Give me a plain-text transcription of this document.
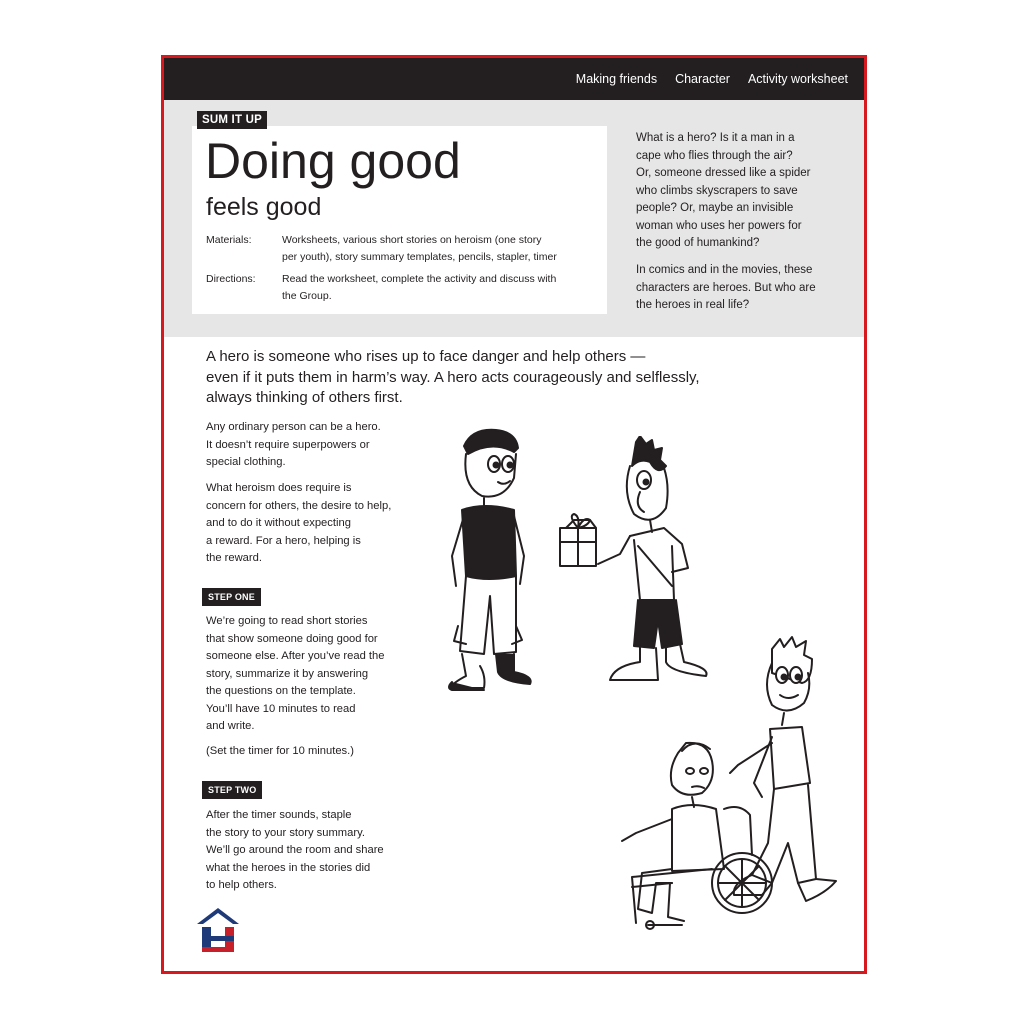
Making friends Character Activity worksheet
SUM IT UP
Doing good
feels good
Materials:	Worksheets, various short stories on heroism (one story
per youth), story summary templates, pencils, stapler, timer
Directions:	Read the worksheet, complete the activity and discuss with
the Group.
What is a hero? Is it a man in a
cape who flies through the air?
Or, someone dressed like a spider
who climbs skyscrapers to save
people? Or, maybe an invisible
woman who uses her powers for
the good of humankind?
In comics and in the movies, these
characters are heroes. But who are
the heroes in real life?
A hero is someone who rises up to face danger and help others —
even if it puts them in harm’s way. A hero acts courageously and selflessly,
always thinking of others first.
Any ordinary person can be a hero.
It doesn’t require superpowers or
special clothing.
What heroism does require is
concern for others, the desire to help,
and to do it without expecting
a reward. For a hero, helping is
the reward.
STEP ONE
We’re going to read short stories
that show someone doing good for
someone else. After you’ve read the
story, summarize it by answering
the questions on the template.
You’ll have 10 minutes to read
and write.
(Set the timer for 10 minutes.)
STEP TWO
After the timer sounds, staple
the story to your story summary.
We’ll go around the room and share
what the heroes in the stories did
to help others.
